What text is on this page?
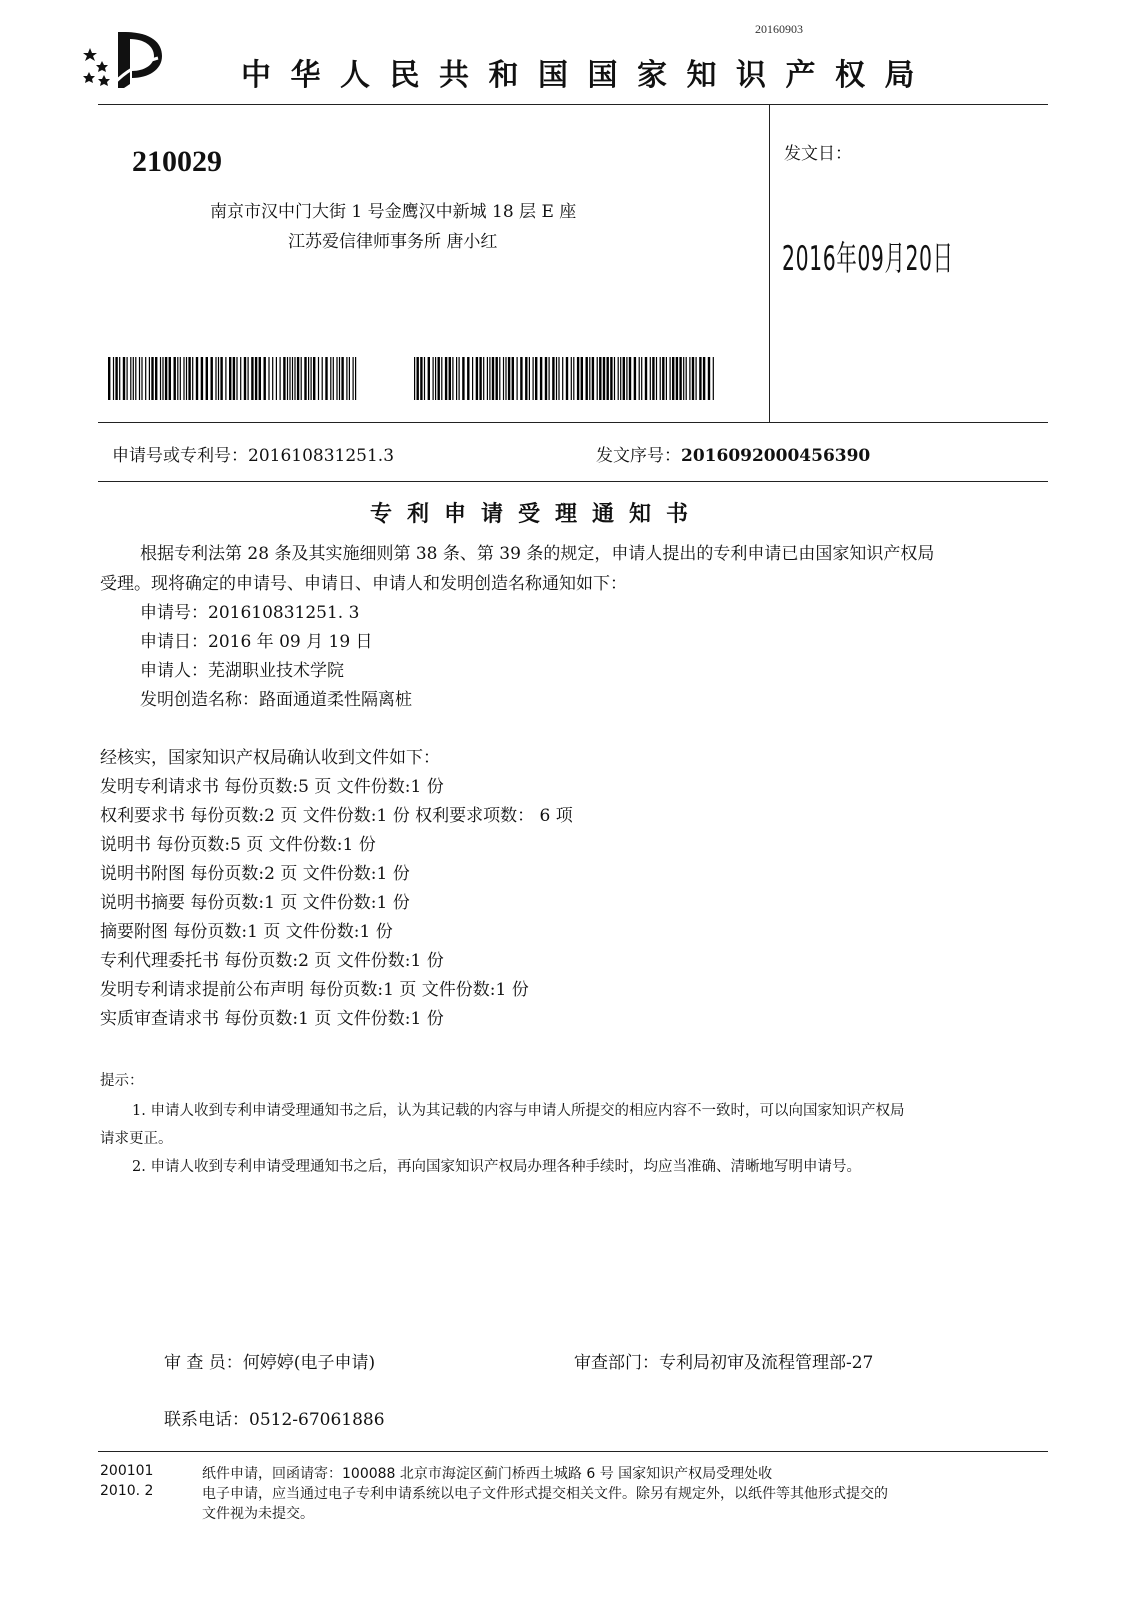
20160903
中华人民共和国国家知识产权局
210029
南京市汉中门大街 1 号金鹰汉中新城 18 层 E 座
江苏爱信律师事务所 唐小红
发文日：
2016年09月20日
申请号或专利号：201610831251.3	发文序号：2016092000456390
专利申请受理通知书
根据专利法第 28 条及其实施细则第 38 条、第 39 条的规定，申请人提出的专利申请已由国家知识产权局
受理。现将确定的申请号、申请日、申请人和发明创造名称通知如下：
申请号：201610831251. 3
申请日：2016 年 09 月 19 日
申请人：芜湖职业技术学院
发明创造名称：路面通道柔性隔离桩
经核实，国家知识产权局确认收到文件如下：
发明专利请求书 每份页数:5 页 文件份数:1 份
权利要求书 每份页数:2 页 文件份数:1 份 权利要求项数： 6 项
说明书 每份页数:5 页 文件份数:1 份
说明书附图 每份页数:2 页 文件份数:1 份
说明书摘要 每份页数:1 页 文件份数:1 份
摘要附图 每份页数:1 页 文件份数:1 份
专利代理委托书 每份页数:2 页 文件份数:1 份
发明专利请求提前公布声明 每份页数:1 页 文件份数:1 份
实质审查请求书 每份页数:1 页 文件份数:1 份
提示：
1. 申请人收到专利申请受理通知书之后，认为其记载的内容与申请人所提交的相应内容不一致时，可以向国家知识产权局
请求更正。
2. 申请人收到专利申请受理通知书之后，再向国家知识产权局办理各种手续时，均应当准确、清晰地写明申请号。
审 查 员：何婷婷(电子申请)	审查部门：专利局初审及流程管理部-27
联系电话：0512-67061886
200101
2010. 2
纸件申请，回函请寄：100088 北京市海淀区蓟门桥西土城路 6 号 国家知识产权局受理处收
电子申请，应当通过电子专利申请系统以电子文件形式提交相关文件。除另有规定外，以纸件等其他形式提交的
文件视为未提交。
